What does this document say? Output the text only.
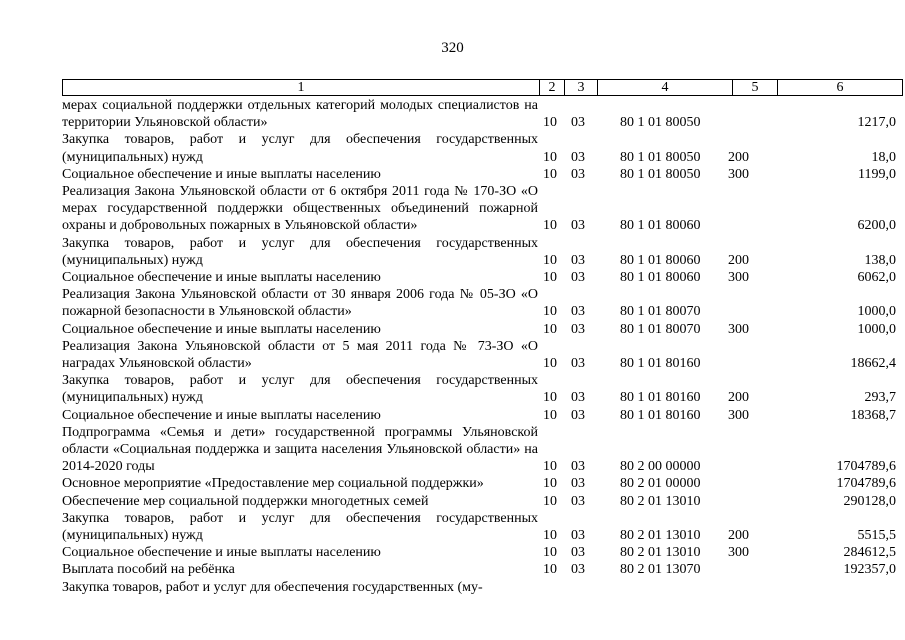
320
1	2	3	4	5	6
мерах социальной поддержки отдельных категорий молодых специалистов на территории Ульяновской области»	10	03	80 1 01 80050		1217,0
Закупка товаров, работ и услуг для обеспечения государственных (муниципальных) нужд	10	03	80 1 01 80050	200	18,0
Социальное обеспечение и иные выплаты населению	10	03	80 1 01 80050	300	1199,0
Реализация Закона Ульяновской области от 6 октября 2011 года № 170-ЗО «О мерах государственной поддержки общественных объединений пожарной охраны и добровольных пожарных в Ульяновской области»	10	03	80 1 01 80060		6200,0
Закупка товаров, работ и услуг для обеспечения государственных (муниципальных) нужд	10	03	80 1 01 80060	200	138,0
Социальное обеспечение и иные выплаты населению	10	03	80 1 01 80060	300	6062,0
Реализация Закона Ульяновской области от 30 января 2006 года № 05-ЗО «О пожарной безопасности в Ульяновской области»	10	03	80 1 01 80070		1000,0
Социальное обеспечение и иные выплаты населению	10	03	80 1 01 80070	300	1000,0
Реализация Закона Ульяновской области от 5 мая 2011 года № 73-ЗО «О наградах Ульяновской области»	10	03	80 1 01 80160		18662,4
Закупка товаров, работ и услуг для обеспечения государственных (муниципальных) нужд	10	03	80 1 01 80160	200	293,7
Социальное обеспечение и иные выплаты населению	10	03	80 1 01 80160	300	18368,7
Подпрограмма «Семья и дети» государственной программы Ульяновской области «Социальная поддержка и защита населения Ульяновской области» на 2014-2020 годы	10	03	80 2 00 00000		1704789,6
Основное мероприятие «Предоставление мер социальной поддержки»	10	03	80 2 01 00000		1704789,6
Обеспечение мер социальной поддержки многодетных семей	10	03	80 2 01 13010		290128,0
Закупка товаров, работ и услуг для обеспечения государственных (муниципальных) нужд	10	03	80 2 01 13010	200	5515,5
Социальное обеспечение и иные выплаты населению	10	03	80 2 01 13010	300	284612,5
Выплата пособий на ребёнка	10	03	80 2 01 13070		192357,0
Закупка товаров, работ и услуг для обеспечения государственных (му-					
